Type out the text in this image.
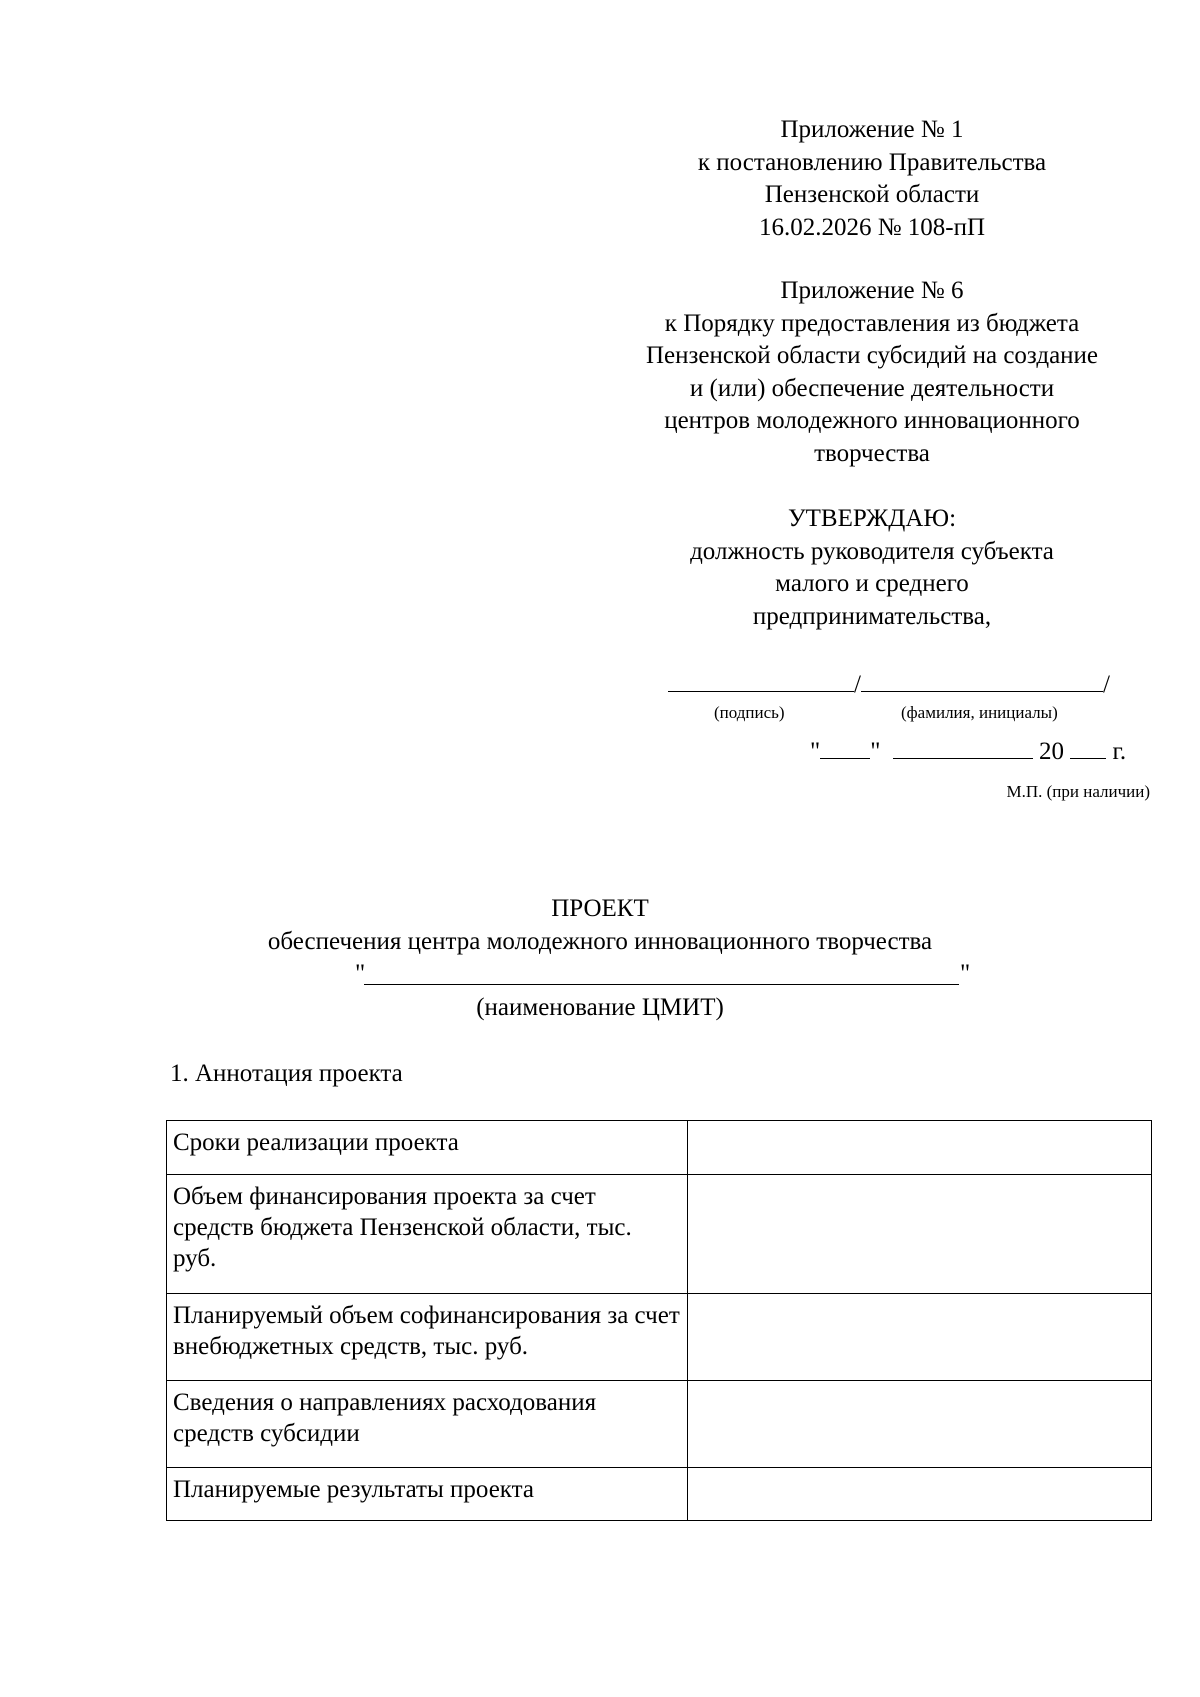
Приложение № 1
к постановлению Правительства
Пензенской области
16.02.2026 № 108-пП
Приложение № 6
к Порядку предоставления из бюджета
Пензенской области субсидий на создание
и (или) обеспечение деятельности
центров молодежного инновационного
творчества
УТВЕРЖДАЮ:
должность руководителя субъекта
малого и среднего
предпринимательства,
/	/
(подпись)	(фамилия, инициалы)
" "	20 г.
М.П. (при наличии)
ПРОЕКТ
обеспечения центра молодежного инновационного творчества
"	"
(наименование ЦМИТ)
1. Аннотация проекта
Сроки реализации проекта	
Объем финансирования проекта за счет средств бюджета Пензенской области, тыс. руб.	
Планируемый объем софинансирования за счет внебюджетных средств, тыс. руб.	
Сведения о направлениях расходования средств субсидии	
Планируемые результаты проекта	
